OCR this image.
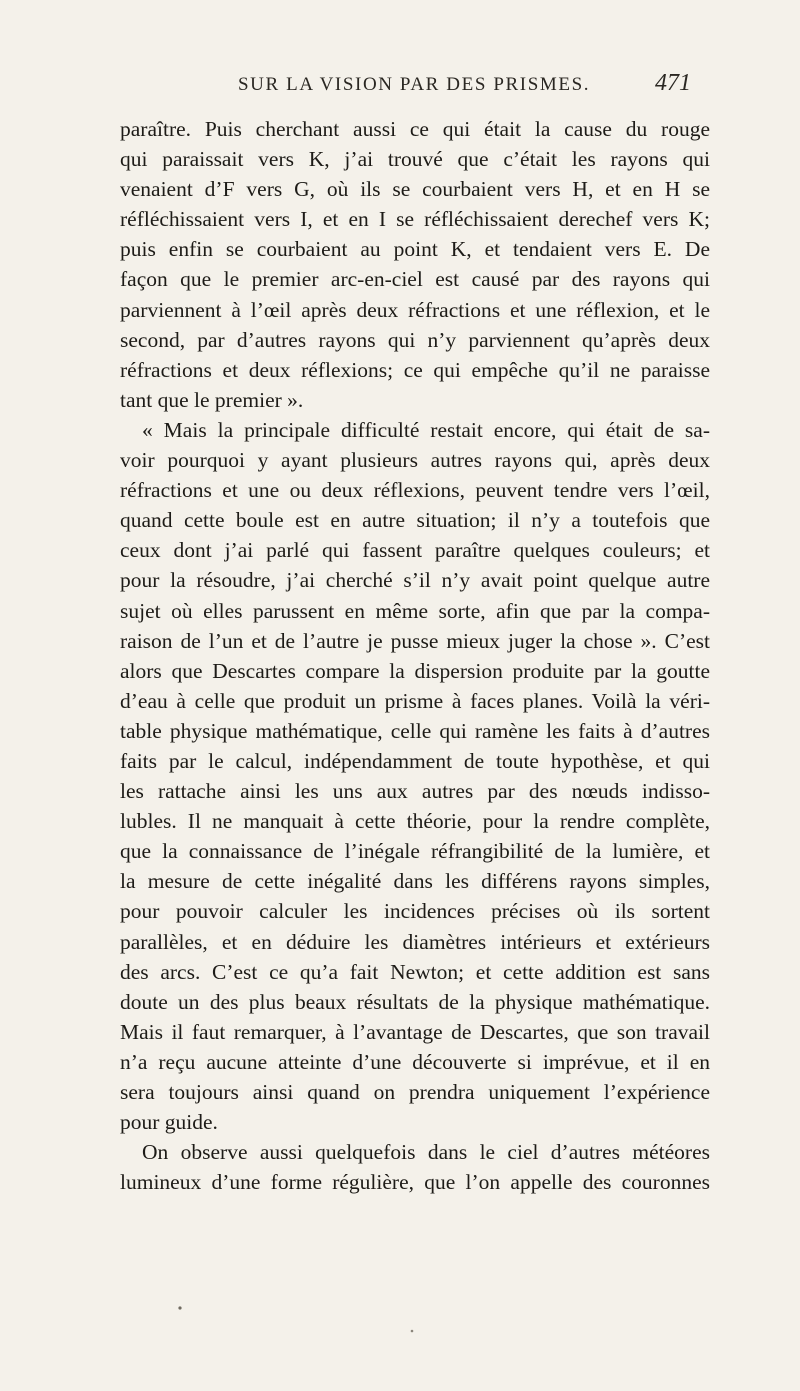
SUR LA VISION PAR DES PRISMES.	471
paraître. Puis cherchant aussi ce qui était la cause du rouge
qui paraissait vers K, j’ai trouvé que c’était les rayons qui
venaient d’F vers G, où ils se courbaient vers H, et en H se
réfléchissaient vers I, et en I se réfléchissaient derechef vers K;
puis enfin se courbaient au point K, et tendaient vers E. De
façon que le premier arc-en-ciel est causé par des rayons qui
parviennent à l’œil après deux réfractions et une réflexion, et le
second, par d’autres rayons qui n’y parviennent qu’après deux
réfractions et deux réflexions; ce qui empêche qu’il ne paraisse
tant que le premier ».
« Mais la principale difficulté restait encore, qui était de sa-
voir pourquoi y ayant plusieurs autres rayons qui, après deux
réfractions et une ou deux réflexions, peuvent tendre vers l’œil,
quand cette boule est en autre situation; il n’y a toutefois que
ceux dont j’ai parlé qui fassent paraître quelques couleurs; et
pour la résoudre, j’ai cherché s’il n’y avait point quelque autre
sujet où elles parussent en même sorte, afin que par la compa-
raison de l’un et de l’autre je pusse mieux juger la chose ». C’est
alors que Descartes compare la dispersion produite par la goutte
d’eau à celle que produit un prisme à faces planes. Voilà la véri-
table physique mathématique, celle qui ramène les faits à d’autres
faits par le calcul, indépendamment de toute hypothèse, et qui
les rattache ainsi les uns aux autres par des nœuds indisso-
lubles. Il ne manquait à cette théorie, pour la rendre complète,
que la connaissance de l’inégale réfrangibilité de la lumière, et
la mesure de cette inégalité dans les différens rayons simples,
pour pouvoir calculer les incidences précises où ils sortent
parallèles, et en déduire les diamètres intérieurs et extérieurs
des arcs. C’est ce qu’a fait Newton; et cette addition est sans
doute un des plus beaux résultats de la physique mathématique.
Mais il faut remarquer, à l’avantage de Descartes, que son travail
n’a reçu aucune atteinte d’une découverte si imprévue, et il en
sera toujours ainsi quand on prendra uniquement l’expérience
pour guide.
On observe aussi quelquefois dans le ciel d’autres météores
lumineux d’une forme régulière, que l’on appelle des couronnes
